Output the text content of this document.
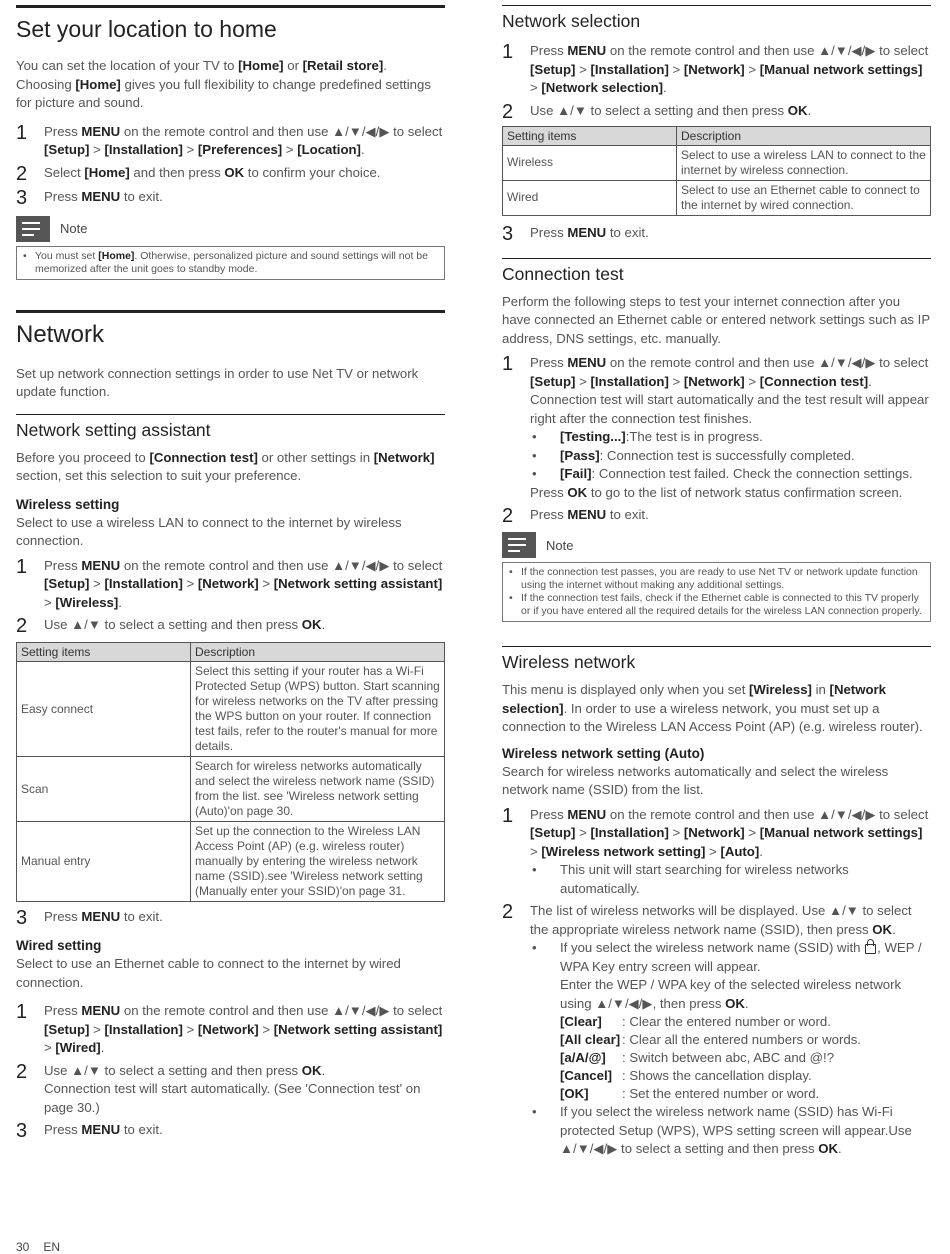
Set your location to home

You can set the location of your TV to [Home] or [Retail store]. Choosing [Home] gives you full flexibility to change predefined settings for picture and sound.

1	Press MENU on the remote control and then use ▲/▼/◀/▶ to select [Setup] > [Installation] > [Preferences] > [Location].
2	Select [Home] and then press OK to confirm your choice.
3	Press MENU to exit.
Note
• You must set [Home]. Otherwise, personalized picture and sound settings will not be memorized after the unit goes to standby mode.
Network

Set up network connection settings in order to use Net TV or network update function.

Network setting assistant

Before you proceed to [Connection test] or other settings in [Network] section, set this selection to suit your preference.

Wireless setting

Select to use a wireless LAN to connect to the internet by wireless connection.

1	Press MENU on the remote control and then use ▲/▼/◀/▶ to select [Setup] > [Installation] > [Network] > [Network setting assistant] > [Wireless].
2	Use ▲/▼ to select a setting and then press OK.
Setting items	Description
Easy connect	Select this setting if your router has a Wi-Fi Protected Setup (WPS) button. Start scanning for wireless networks on the TV after pressing the WPS button on your router. If connection test fails, refer to the router's manual for more details.
Scan	Search for wireless networks automatically and select the wireless network name (SSID) from the list. see 'Wireless network setting (Auto)'on page 30.
Manual entry	Set up the connection to the Wireless LAN Access Point (AP) (e.g. wireless router) manually by entering the wireless network name (SSID).see 'Wireless network setting (Manually enter your SSID)'on page 31.
3	Press MENU to exit.

Wired setting

Select to use an Ethernet cable to connect to the internet by wired connection.

1	Press MENU on the remote control and then use ▲/▼/◀/▶ to select [Setup] > [Installation] > [Network] > [Network setting assistant] > [Wired].
2	Use ▲/▼ to select a setting and then press OK.
Connection test will start automatically. (See 'Connection test' on page 30.)
3	Press MENU to exit.
Network selection
1	Press MENU on the remote control and then use ▲/▼/◀/▶ to select [Setup] > [Installation] > [Network] > [Manual network settings] > [Network selection].
2	Use ▲/▼ to select a setting and then press OK.
Setting items	Description
Wireless	Select to use a wireless LAN to connect to the internet by wireless connection.
Wired	Select to use an Ethernet cable to connect to the internet by wired connection.
3	Press MENU to exit.
Connection test

Perform the following steps to test your internet connection after you have connected an Ethernet cable or entered network settings such as IP address, DNS settings, etc. manually.

1	Press MENU on the remote control and then use ▲/▼/◀/▶ to select [Setup] > [Installation] > [Network] > [Connection test].
Connection test will start automatically and the test result will appear right after the connection test finishes.
•	[Testing...]:The test is in progress.
•	[Pass]: Connection test is successfully completed.
•	[Fail]: Connection test failed. Check the connection settings.
Press OK to go to the list of network status confirmation screen.
2	Press MENU to exit.
Note
• If the connection test passes, you are ready to use Net TV or network update function using the internet without making any additional settings.
• If the connection test fails, check if the Ethernet cable is connected to this TV properly or if you have entered all the required details for the wireless LAN connection properly.
Wireless network

This menu is displayed only when you set [Wireless] in [Network selection]. In order to use a wireless network, you must set up a connection to the Wireless LAN Access Point (AP) (e.g. wireless router).

Wireless network setting (Auto)

Search for wireless networks automatically and select the wireless network name (SSID) from the list.

1	Press MENU on the remote control and then use ▲/▼/◀/▶ to select [Setup] > [Installation] > [Network] > [Manual network settings] > [Wireless network setting] > [Auto].
•	This unit will start searching for wireless networks automatically.
2	The list of wireless networks will be displayed. Use ▲/▼ to select the appropriate wireless network name (SSID), then press OK.
•	If you select the wireless network name (SSID) with , WEP / WPA Key entry screen will appear.
Enter the WEP / WPA key of the selected wireless network using ▲/▼/◀/▶, then press OK.
[Clear]	: Clear the entered number or word.
[All clear] : Clear all the entered numbers or words.
[a/A/@]	: Switch between abc, ABC and @!?
[Cancel] : Shows the cancellation display.
[OK]	: Set the entered number or word.
•	If you select the wireless network name (SSID) has Wi-Fi protected Setup (WPS), WPS setting screen will appear.Use ▲/▼/◀/▶ to select a setting and then press OK.
30 EN
